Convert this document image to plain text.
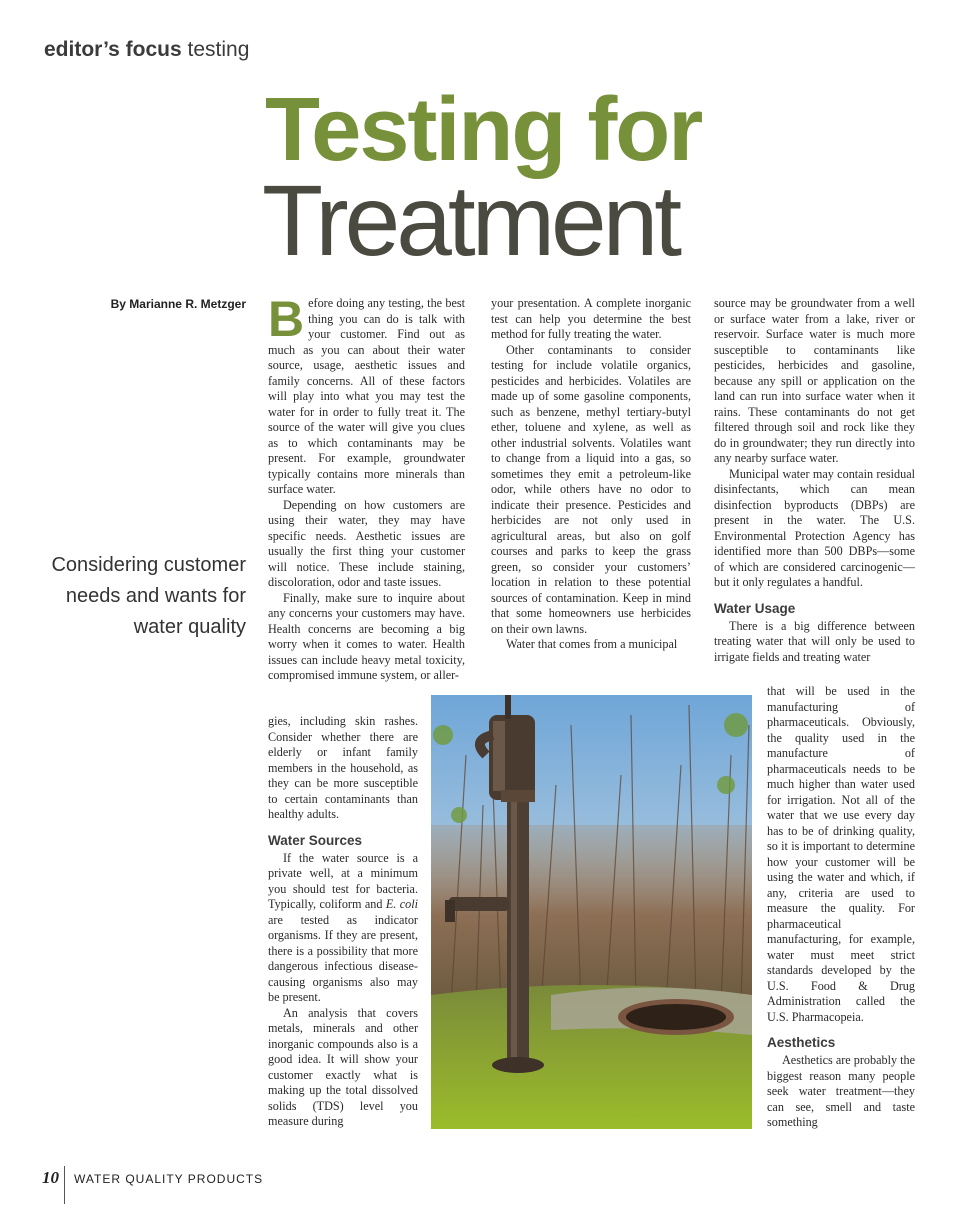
editor’s focus testing
Testing for
Treatment
By Marianne R. Metzger
Considering customer needs and wants for water quality
B efore doing any testing, the best thing you can do is talk with your customer. Find out as much as you can about their water source, usage, aesthetic issues and family concerns. All of these factors will play into what you may test the water for in order to fully treat it. The source of the water will give you clues as to which contaminants may be present. For example, groundwater typically contains more minerals than surface water.

Depending on how customers are using their water, they may have specific needs. Aesthetic issues are usually the first thing your customer will notice. These include staining, discoloration, odor and taste issues.

Finally, make sure to inquire about any concerns your customers may have. Health concerns are becoming a big worry when it comes to water. Health issues can include heavy metal toxicity, compromised immune system, or aller-

gies, including skin rashes. Consider whether there are elderly or infant family members in the household, as they can be more susceptible to certain contaminants than healthy adults.

Water Sources

If the water source is a private well, at a minimum you should test for bacteria. Typically, coliform and E. coli are tested as indicator organisms. If they are present, there is a possibility that more dangerous infectious disease-causing organisms also may be present.

An analysis that covers metals, minerals and other inorganic compounds also is a good idea. It will show your customer exactly what is making up the total dissolved solids (TDS) level you measure during

your presentation. A complete inorganic test can help you determine the best method for fully treating the water.

Other contaminants to consider testing for include volatile organics, pesticides and herbicides. Volatiles are made up of some gasoline components, such as benzene, methyl tertiary-butyl ether, toluene and xylene, as well as other industrial solvents. Volatiles want to change from a liquid into a gas, so sometimes they emit a petroleum-like odor, while others have no odor to indicate their presence. Pesticides and herbicides are not only used in agricultural areas, but also on golf courses and parks to keep the grass green, so consider your customers’ location in relation to these potential sources of contamination. Keep in mind that some homeowners use herbicides on their own lawns.

Water that comes from a municipal

source may be groundwater from a well or surface water from a lake, river or reservoir. Surface water is much more susceptible to contaminants like pesticides, herbicides and gasoline, because any spill or application on the land can run into surface water when it rains. These contaminants do not get filtered through soil and rock like they do in groundwater; they run directly into any nearby surface water.

Municipal water may contain residual disinfectants, which can mean disinfection byproducts (DBPs) are present in the water. The U.S. Environmental Protection Agency has identified more than 500 DBPs—some of which are considered carcinogenic—but it only regulates a handful.

Water Usage

There is a big difference between treating water that will only be used to irrigate fields and treating water

that will be used in the manufacturing of pharmaceuticals. Obviously, the quality used in the manufacture of pharmaceuticals needs to be much higher than water used for irrigation. Not all of the water that we use every day has to be of drinking quality, so it is important to determine how your customer will be using the water and which, if any, criteria are used to measure the quality. For pharmaceutical manufacturing, for example, water must meet strict standards developed by the U.S. Food & Drug Administration called the U.S. Pharmacopeia.

Aesthetics

Aesthetics are probably the biggest reason many people seek water treatment—they can see, smell and taste something

10 WATER QUALITY PRODUCTS
